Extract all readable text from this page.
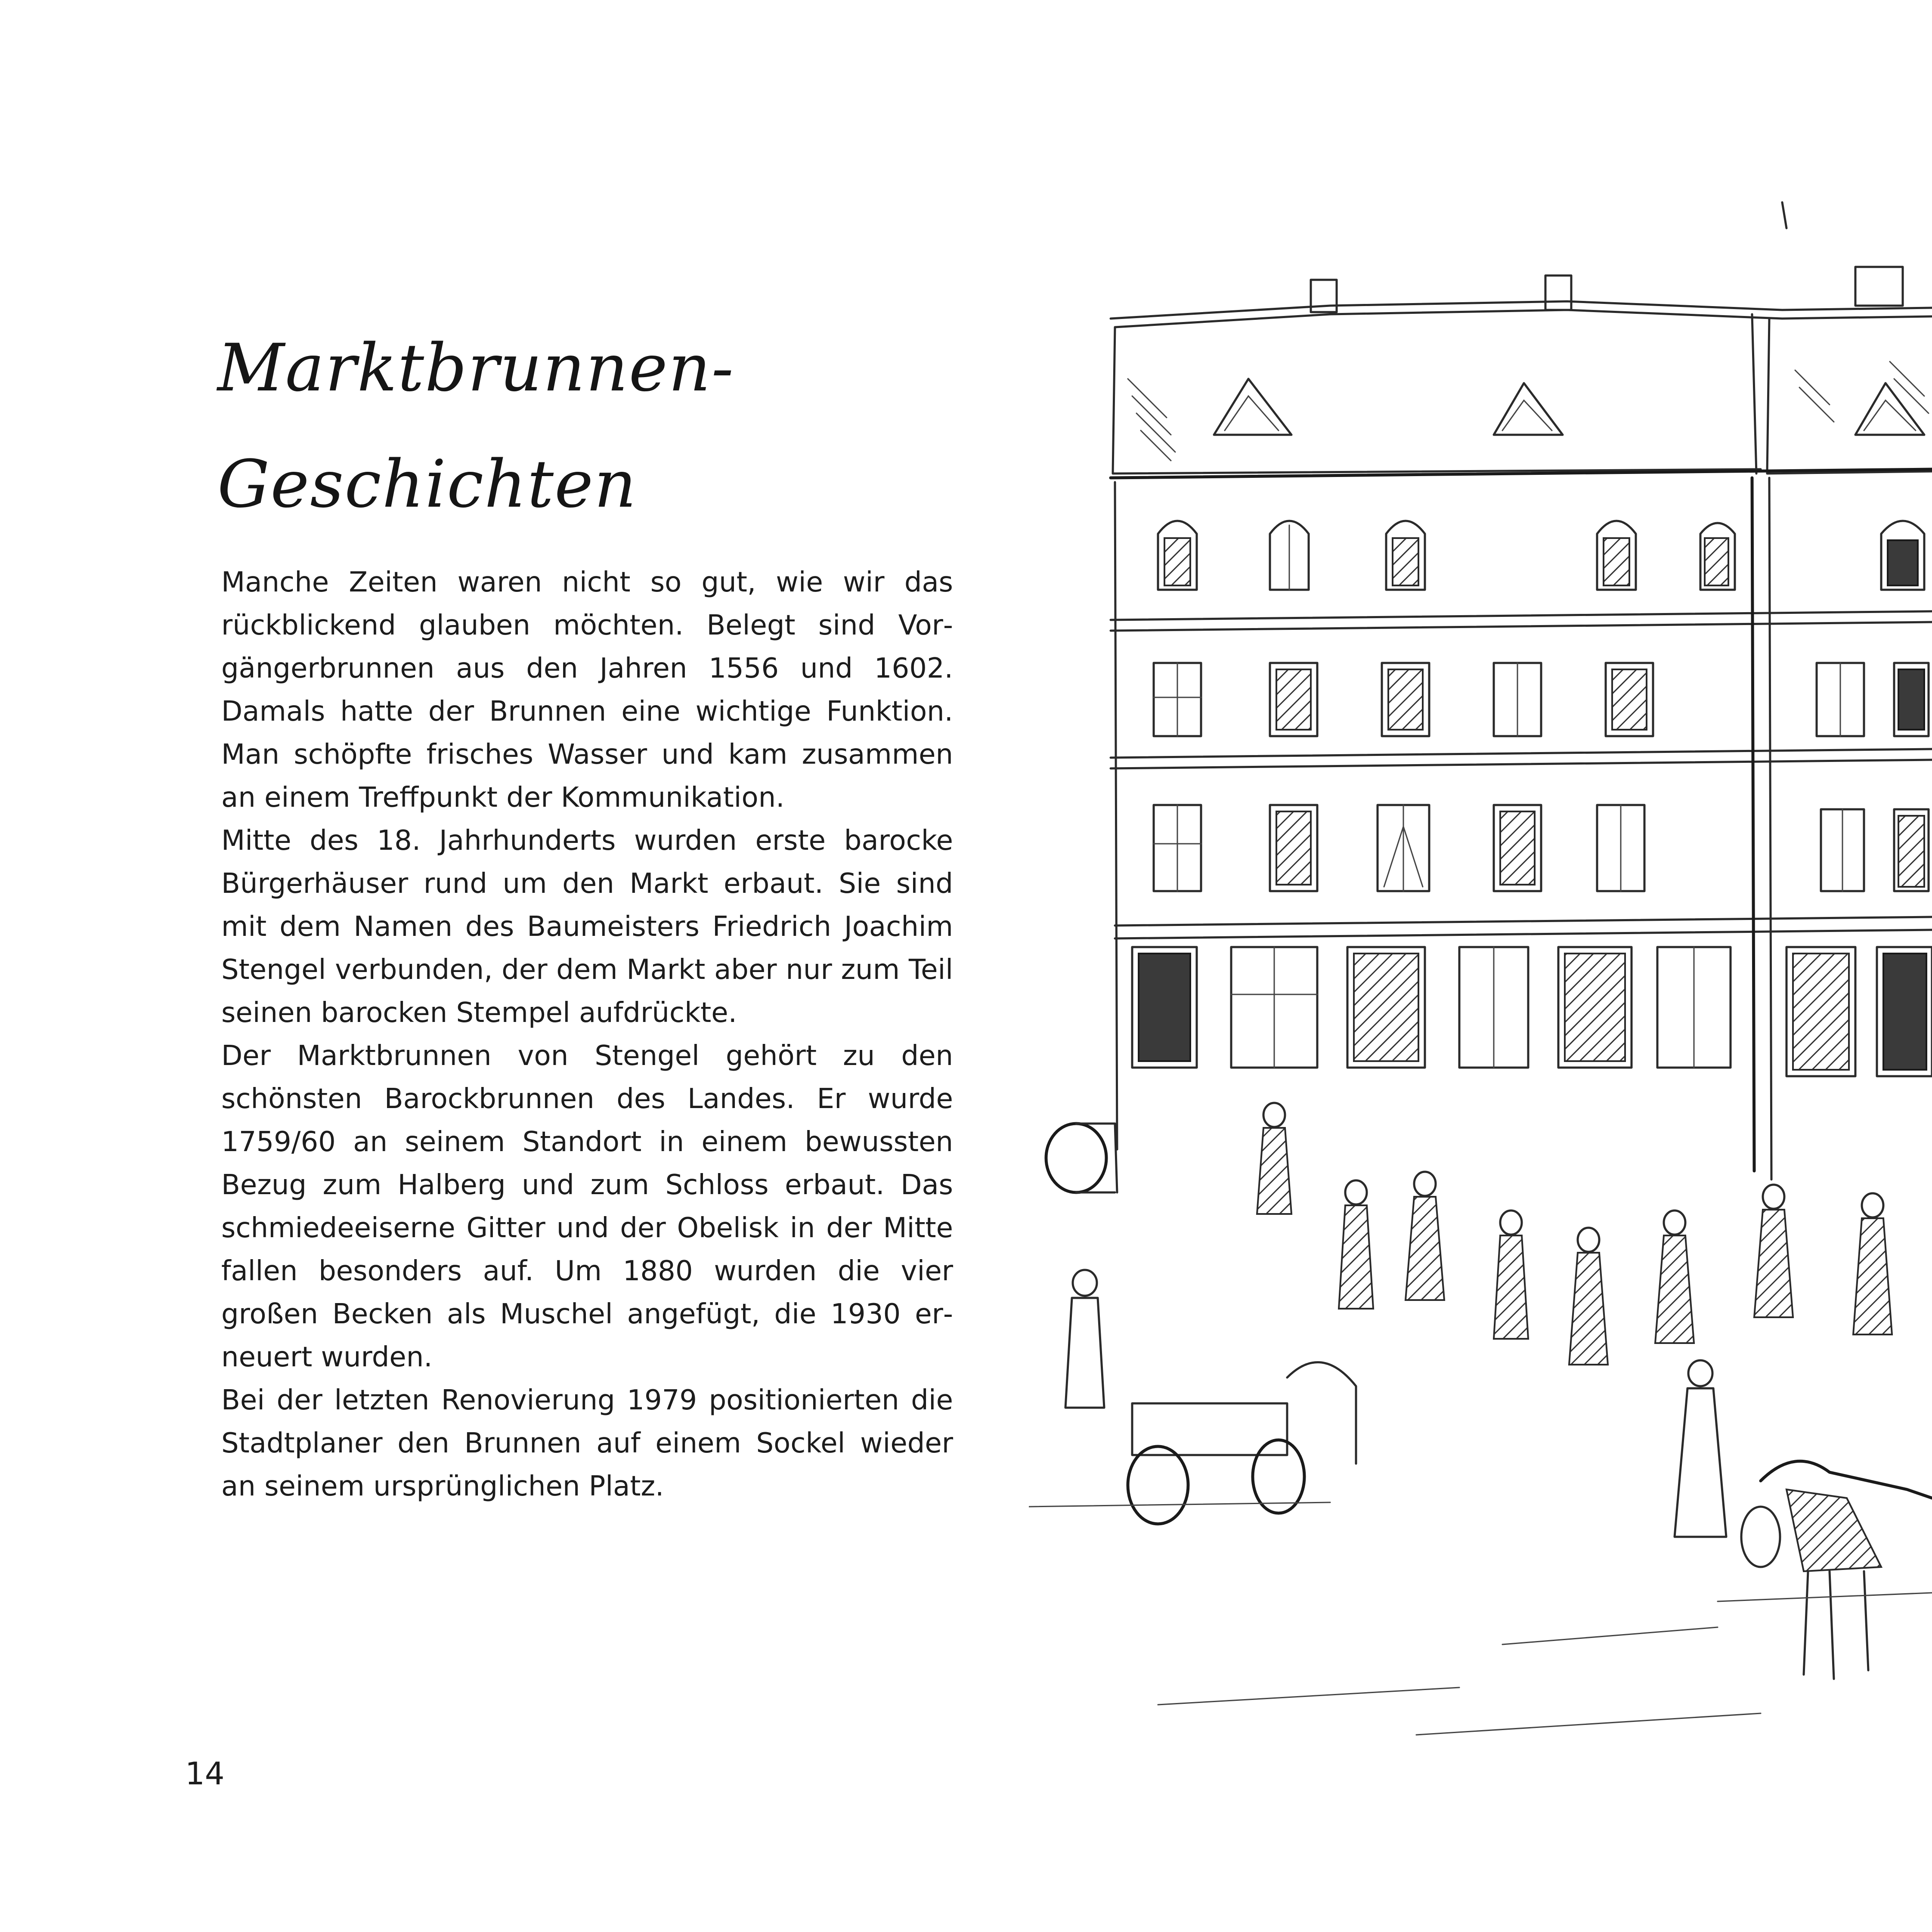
Marktbrunnen-
Geschichten

Manche Zeiten waren nicht so gut, wie wir das rückblickend glauben möchten. Belegt sind Vorgängerbrunnen aus den Jahren 1556 und 1602. Damals hatte der Brunnen eine wichtige Funktion. Man schöpfte frisches Wasser und kam zusammen an einem Treffpunkt der Kommunikation.

Mitte des 18. Jahrhunderts wurden erste barocke Bürgerhäuser rund um den Markt erbaut. Sie sind mit dem Namen des Baumeisters Friedrich Joachim Stengel verbunden, der dem Markt aber nur zum Teil seinen barocken Stempel aufdrückte.

Der Marktbrunnen von Stengel gehört zu den schönsten Barockbrunnen des Landes. Er wurde 1759/60 an seinem Standort in einem bewussten Bezug zum Halberg und zum Schloss erbaut. Das schmiedeeiserne Gitter und der Obelisk in der Mitte fallen besonders auf. Um 1880 wurden die vier großen Becken als Muschel angefügt, die 1930 erneuert wurden.

Bei der letzten Renovierung 1979 positionierten die Stadtplaner den Brunnen auf einem Sockel wieder an seinem ursprünglichen Platz.

14
